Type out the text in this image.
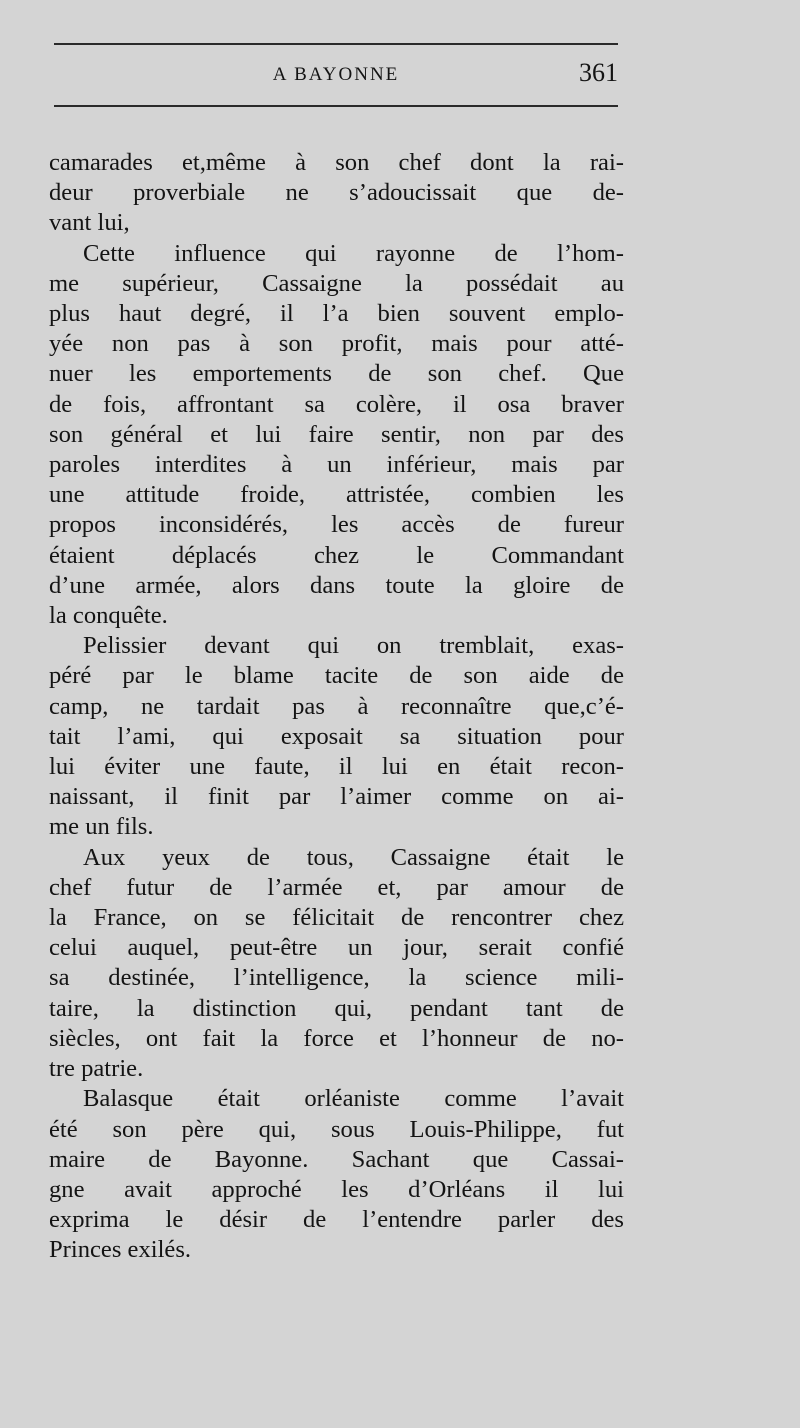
A BAYONNE	361
camarades et,même à son chef dont la rai-
deur proverbiale ne s’adoucissait que de-
vant lui,
Cette influence qui rayonne de l’hom-
me supérieur, Cassaigne la possédait au
plus haut degré, il l’a bien souvent emplo-
yée non pas à son profit, mais pour atté-
nuer les emportements de son chef. Que
de fois, affrontant sa colère, il osa braver
son général et lui faire sentir, non par des
paroles interdites à un inférieur, mais par
une attitude froide, attristée, combien les
propos inconsidérés, les accès de fureur
étaient déplacés chez le Commandant
d’une armée, alors dans toute la gloire de
la conquête.
Pelissier devant qui on tremblait, exas-
péré par le blame tacite de son aide de
camp, ne tardait pas à reconnaître que,c’é-
tait l’ami, qui exposait sa situation pour
lui éviter une faute, il lui en était recon-
naissant, il finit par l’aimer comme on ai-
me un fils.
Aux yeux de tous, Cassaigne était le
chef futur de l’armée et, par amour de
la France, on se félicitait de rencontrer chez
celui auquel, peut-être un jour, serait confié
sa destinée, l’intelligence, la science mili-
taire, la distinction qui, pendant tant de
siècles, ont fait la force et l’honneur de no-
tre patrie.
Balasque était orléaniste comme l’avait
été son père qui, sous Louis-Philippe, fut
maire de Bayonne. Sachant que Cassai-
gne avait approché les d’Orléans il lui
exprima le désir de l’entendre parler des
Princes exilés.
